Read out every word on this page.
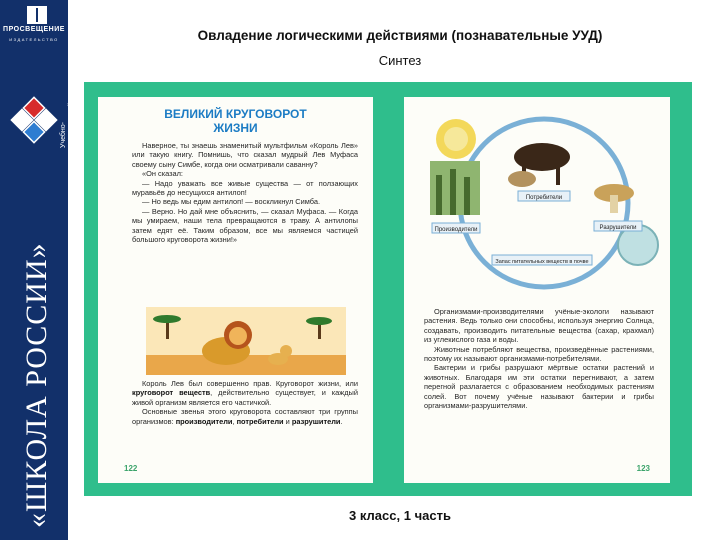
ПРОСВЕЩЕНИЕ
ИЗДАТЕЛЬСТВО
Учебно- методический комплект
«ШКОЛА РОССИИ»
Овладение логическими действиями (познавательные УУД)
Синтез
ВЕЛИКИЙ КРУГОВОРОТ
ЖИЗНИ

Наверное, ты знаешь знаменитый мультфильм «Король Лев» или такую книгу. Помнишь, что сказал мудрый Лев Муфаса своему сыну Симбе, когда они осматривали саванну?

«Он сказал:

— Надо уважать все живые существа — от ползающих муравьёв до несущихся антилоп!

— Но ведь мы едим антилоп! — воскликнул Симба.

— Верно. Но дай мне объяснить, — сказал Муфаса. — Когда мы умираем, наши тела превращаются в траву. А антилопы затем едят её. Таким образом, все мы являемся частицей большого круговорота жизни!»

Король Лев был совершенно прав. Круговорот жизни, или круговорот веществ, действительно существует, и каждый живой организм является его частичкой.

Основные звенья этого круговорота составляют три группы организмов: производители, потребители и разрушители.

122
Производители
Потребители
Разрушители
Запас питательных веществ в почве

Организмами-производителями учёные-экологи называют растения. Ведь только они способны, используя энергию Солнца, создавать, производить питательные вещества (сахар, крахмал) из углекислого газа и воды.

Животные потребляют вещества, произведённые растениями, поэтому их называют организмами-потребителями.

Бактерии и грибы разрушают мёртвые остатки растений и животных. Благодаря им эти остатки перегнивают, а затем перегной разлагается с образованием необходимых растениям солей. Вот почему учёные называют бактерии и грибы организмами-разрушителями.

123
3 класс, 1 часть
